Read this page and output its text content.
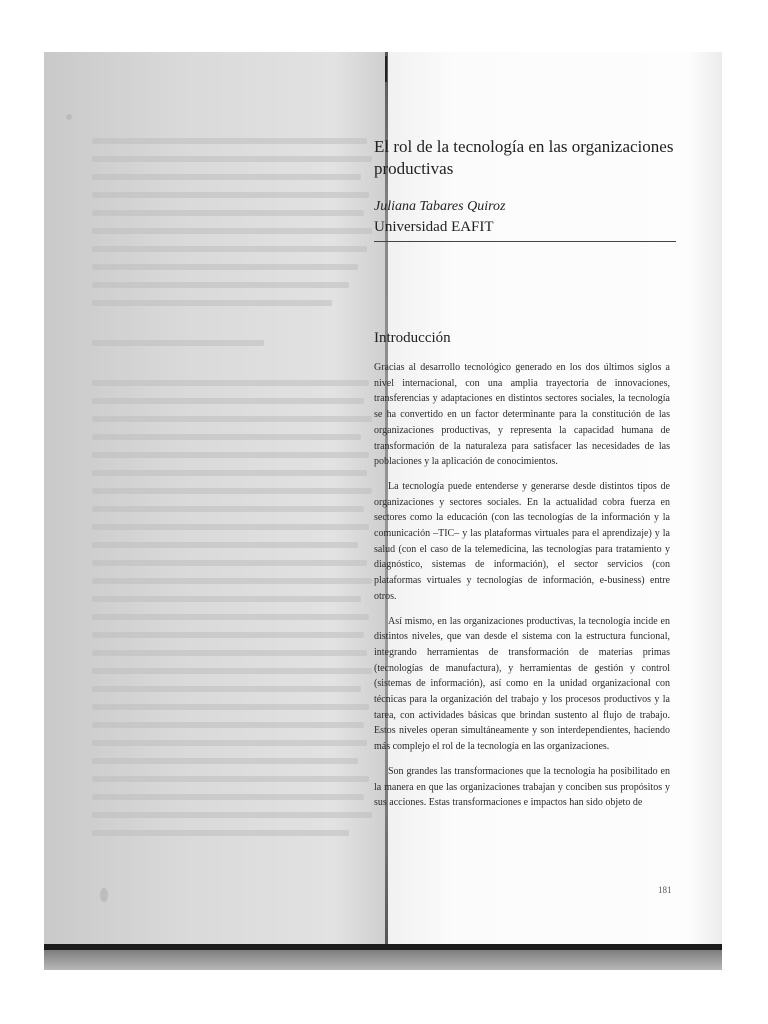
El rol de la tecnología en las organizaciones productivas
Juliana Tabares Quiroz
Universidad EAFIT
Introducción

Gracias al desarrollo tecnológico generado en los dos últimos siglos a nivel internacional, con una amplia trayectoria de innovaciones, transferencias y adaptaciones en distintos sectores sociales, la tecnología se ha convertido en un factor determinante para la constitución de las organizaciones productivas, y representa la capacidad humana de transformación de la naturaleza para satisfacer las necesidades de las poblaciones y la aplicación de conocimientos.

La tecnología puede entenderse y generarse desde distintos tipos de organizaciones y sectores sociales. En la actualidad cobra fuerza en sectores como la educación (con las tecnologías de la información y la comunicación –TIC– y las plataformas virtuales para el aprendizaje) y la salud (con el caso de la telemedicina, las tecnologías para tratamiento y diagnóstico, sistemas de información), el sector servicios (con plataformas virtuales y tecnologías de información, e-business) entre otros.

Así mismo, en las organizaciones productivas, la tecnología incide en distintos niveles, que van desde el sistema con la estructura funcional, integrando herramientas de transformación de materias primas (tecnologías de manufactura), y herramientas de gestión y control (sistemas de información), así como en la unidad organizacional con técnicas para la organización del trabajo y los procesos productivos y la tarea, con actividades básicas que brindan sustento al flujo de trabajo. Estos niveles operan simultáneamente y son interdependientes, haciendo más complejo el rol de la tecnología en las organizaciones.

Son grandes las transformaciones que la tecnología ha posibilitado en la manera en que las organizaciones trabajan y conciben sus propósitos y sus acciones. Estas transformaciones e impactos han sido objeto de

181
